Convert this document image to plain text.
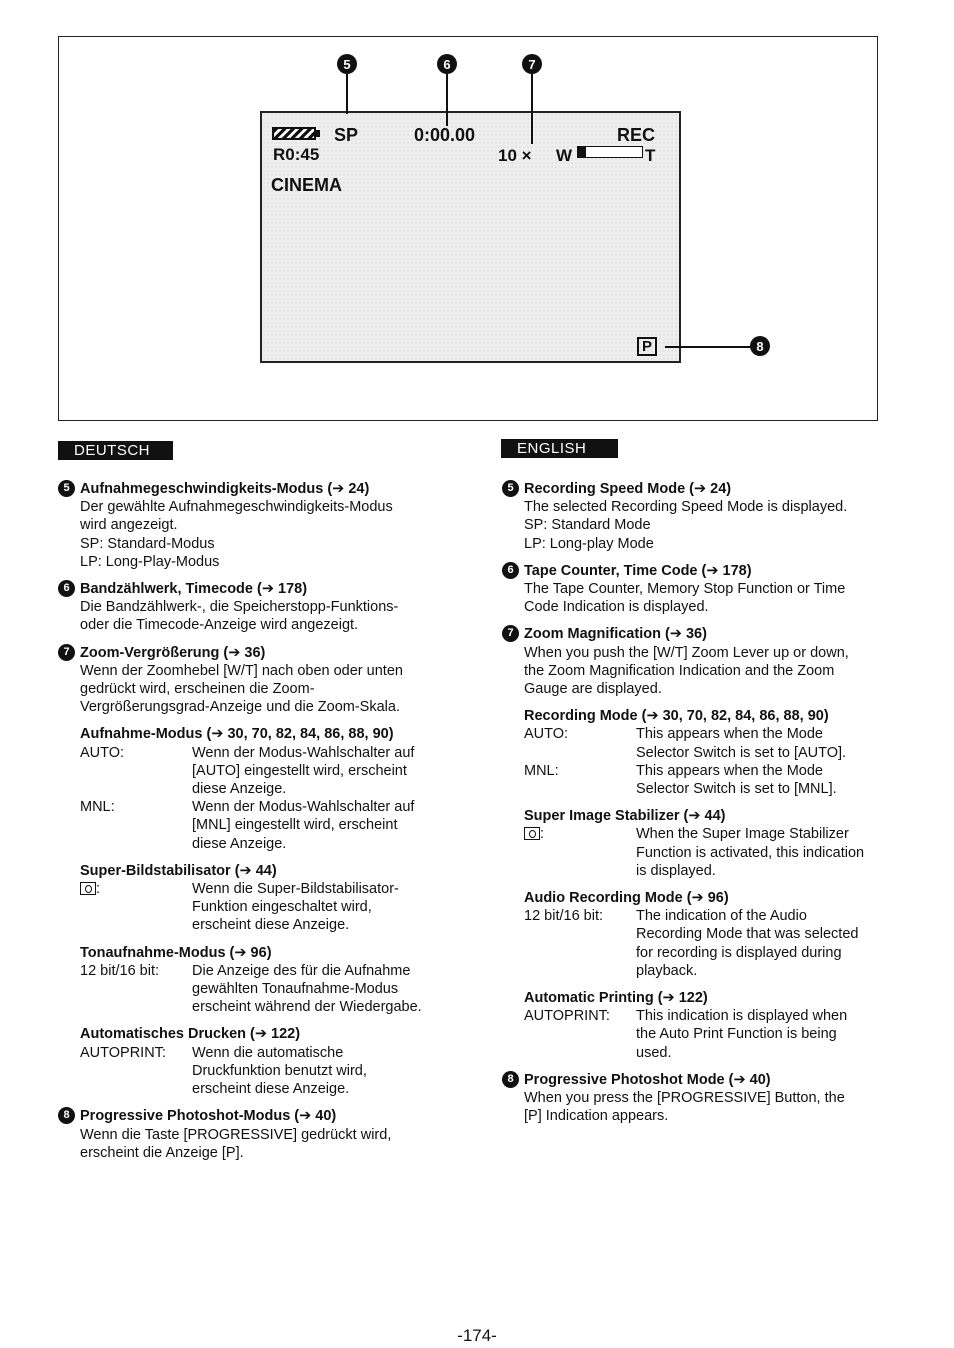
5	6	7
8
SP	0:00.00	REC
R0:45	10 × W	T
CINEMA
P
DEUTSCH	ENGLISH

5 Aufnahmegeschwindigkeits-Modus (➔ 24)

Der gewählte Aufnahmegeschwindigkeits-Modus

wird angezeigt.

SP: Standard-Modus

LP: Long-Play-Modus

6 Bandzählwerk, Timecode (➔ 178)

Die Bandzählwerk-, die Speicherstopp-Funktions-

oder die Timecode-Anzeige wird angezeigt.

7 Zoom-Vergrößerung (➔ 36)

Wenn der Zoomhebel [W/T] nach oben oder unten

gedrückt wird, erscheinen die Zoom-

Vergrößerungsgrad-Anzeige und die Zoom-Skala.

Aufnahme-Modus (➔ 30, 70, 82, 84, 86, 88, 90)

AUTO:	Wenn der Modus-Wahlschalter auf

[AUTO] eingestellt wird, erscheint

diese Anzeige.

MNL:	Wenn der Modus-Wahlschalter auf

[MNL] eingestellt wird, erscheint

diese Anzeige.

Super-Bildstabilisator (➔ 44)

:	Wenn die Super-Bildstabilisator-

Funktion eingeschaltet wird,

erscheint diese Anzeige.

Tonaufnahme-Modus (➔ 96)

12 bit/16 bit:	Die Anzeige des für die Aufnahme

gewählten Tonaufnahme-Modus

erscheint während der Wiedergabe.

Automatisches Drucken (➔ 122)

AUTOPRINT:	Wenn die automatische

Druckfunktion benutzt wird,

erscheint diese Anzeige.

8 Progressive Photoshot-Modus (➔ 40)

Wenn die Taste [PROGRESSIVE] gedrückt wird,

erscheint die Anzeige [P].

5 Recording Speed Mode (➔ 24)

The selected Recording Speed Mode is displayed.

SP: Standard Mode

LP: Long-play Mode

6 Tape Counter, Time Code (➔ 178)

The Tape Counter, Memory Stop Function or Time

Code Indication is displayed.

7 Zoom Magnification (➔ 36)

When you push the [W/T] Zoom Lever up or down,

the Zoom Magnification Indication and the Zoom

Gauge are displayed.

Recording Mode (➔ 30, 70, 82, 84, 86, 88, 90)

AUTO:	This appears when the Mode

Selector Switch is set to [AUTO].

MNL:	This appears when the Mode

Selector Switch is set to [MNL].

Super Image Stabilizer (➔ 44)

:	When the Super Image Stabilizer

Function is activated, this indication

is displayed.

Audio Recording Mode (➔ 96)

12 bit/16 bit:	The indication of the Audio

Recording Mode that was selected

for recording is displayed during

playback.

Automatic Printing (➔ 122)

AUTOPRINT:	This indication is displayed when

the Auto Print Function is being

used.

8 Progressive Photoshot Mode (➔ 40)

When you press the [PROGRESSIVE] Button, the

[P] Indication appears.

-174-
